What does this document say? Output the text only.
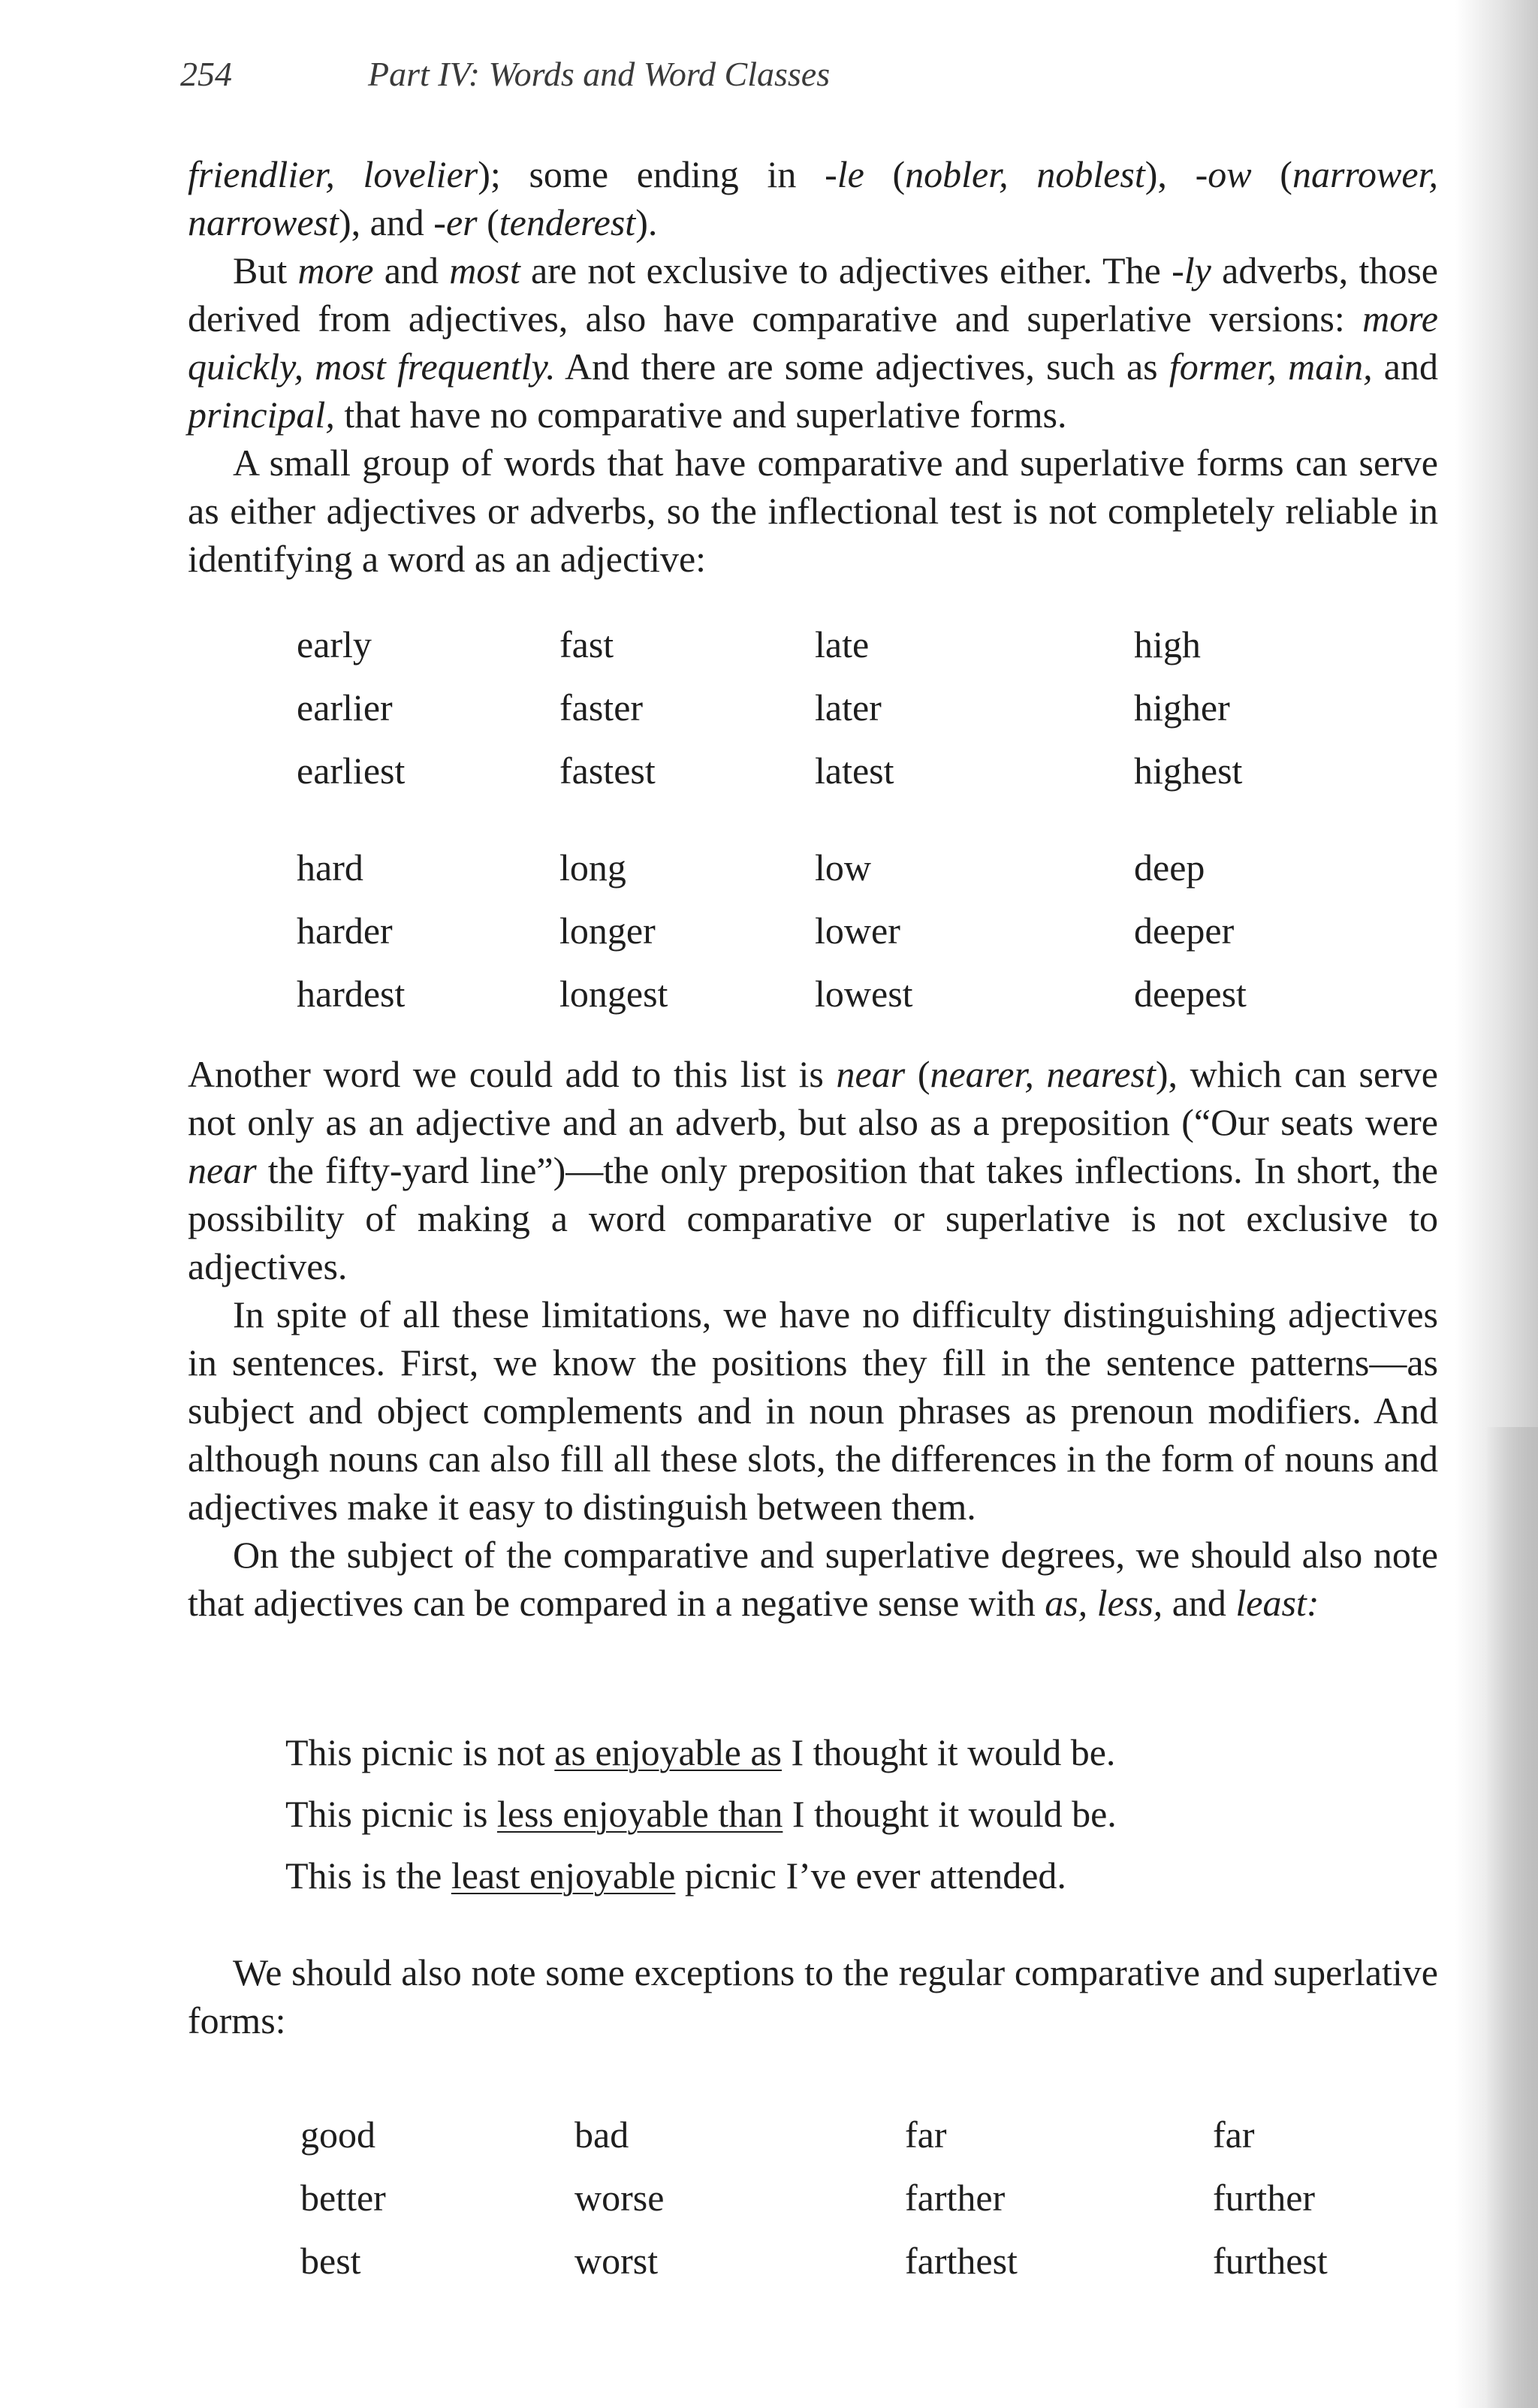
254	Part IV: Words and Word Classes

friendlier, lovelier); some ending in -le (nobler, noblest), -ow (narrower, narrowest), and -er (tenderest).

But more and most are not exclusive to adjectives either. The -ly adverbs, those derived from adjectives, also have comparative and superlative versions: more quickly, most frequently. And there are some adjectives, such as former, main, and principal, that have no comparative and superlative forms.

A small group of words that have comparative and superlative forms can serve as either adjectives or adverbs, so the inflectional test is not completely reliable in identifying a word as an adjective:

early
earlier
earliest
fast
faster
fastest
late
later
latest
high
higher
highest
hard
harder
hardest
long
longer
longest
low
lower
lowest
deep
deeper
deepest

Another word we could add to this list is near (nearer, nearest), which can serve not only as an adjective and an adverb, but also as a preposition (“Our seats were near the fifty-yard line”)—the only preposition that takes inflections. In short, the possibility of making a word comparative or superlative is not exclusive to adjectives.

In spite of all these limitations, we have no difficulty distinguishing adjectives in sentences. First, we know the positions they fill in the sentence patterns—as subject and object complements and in noun phrases as prenoun modifiers. And although nouns can also fill all these slots, the differences in the form of nouns and adjectives make it easy to distinguish between them.

On the subject of the comparative and superlative degrees, we should also note that adjectives can be compared in a negative sense with as, less, and least:

This picnic is not as enjoyable as I thought it would be.
This picnic is less enjoyable than I thought it would be.
This is the least enjoyable picnic I’ve ever attended.

We should also note some exceptions to the regular comparative and superlative forms:

good
better
best
bad
worse
worst
far
farther
farthest
far
further
furthest
